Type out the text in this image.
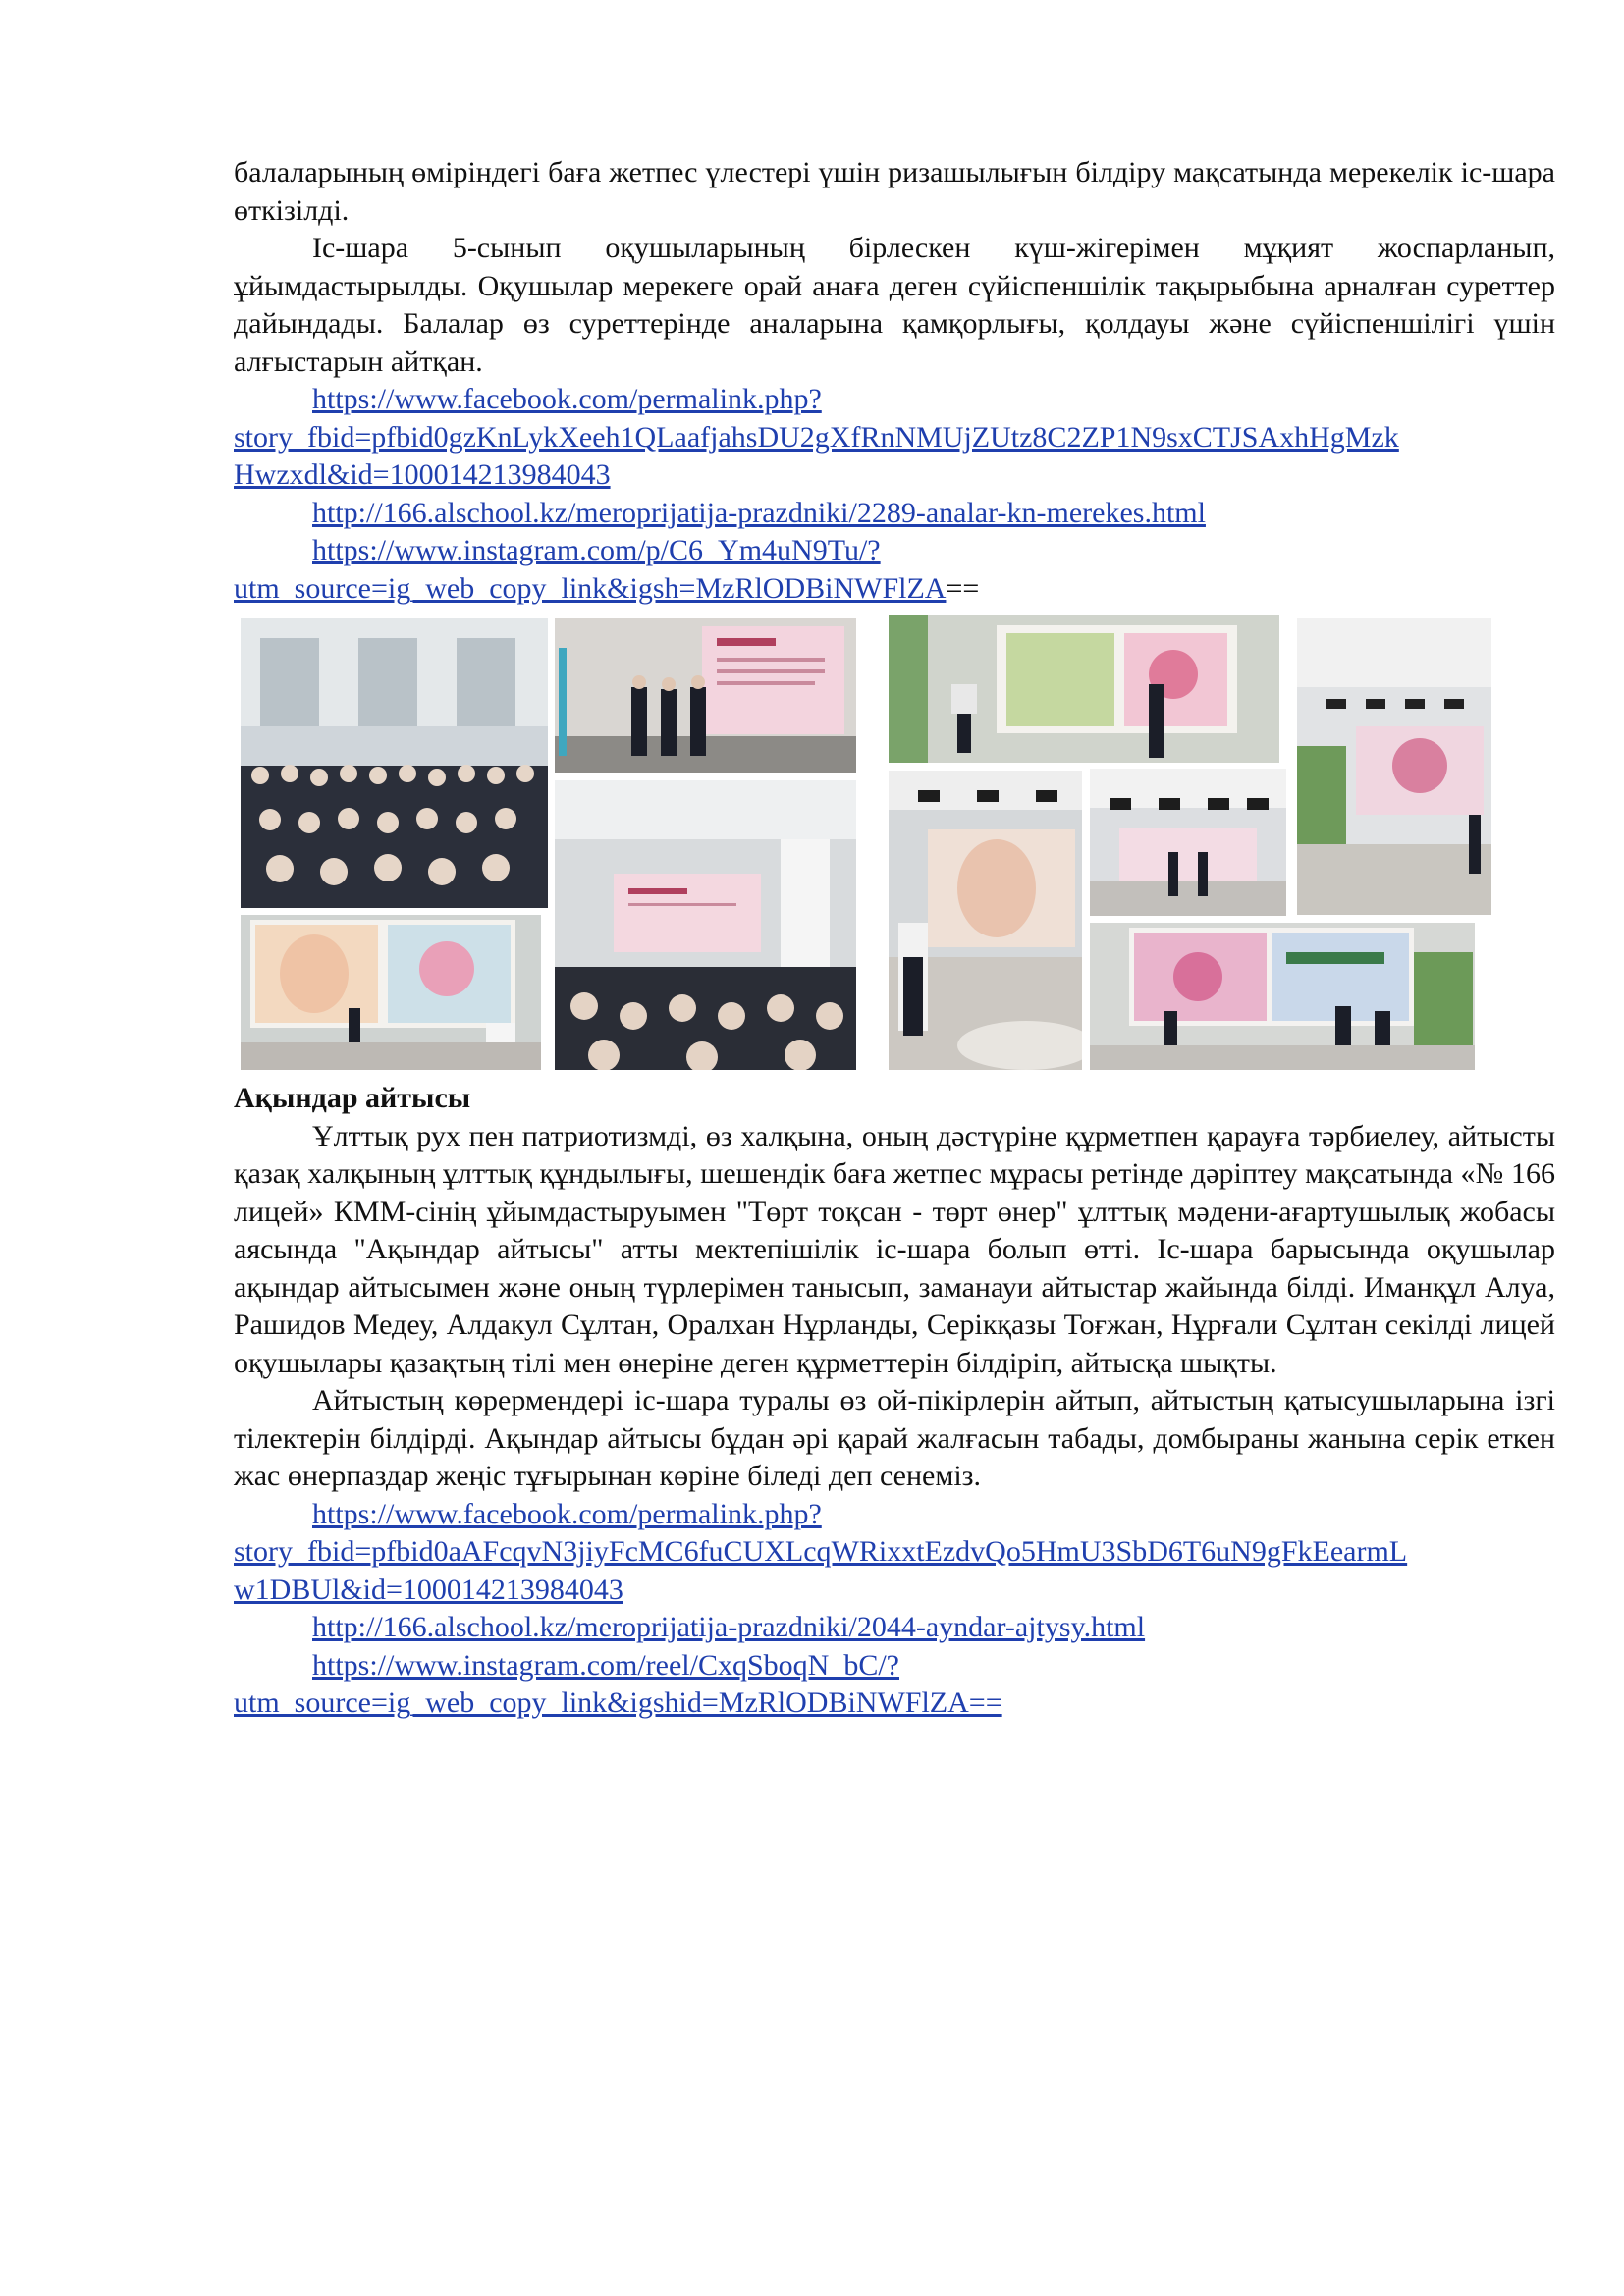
балаларының өміріндегі баға жетпес үлестері үшін ризашылығын білдіру мақсатында мерекелік іс-шара өткізілді.

Іс-шара 5-сынып оқушыларының бірлескен күш-жігерімен мұқият жоспарланып, ұйымдастырылды. Оқушылар мерекеге орай анаға деген сүйіспеншілік тақырыбына арналған суреттер дайындады. Балалар өз суреттерінде аналарына қамқорлығы, қолдауы және сүйіспеншілігі үшін алғыстарын айтқан.

https://www.facebook.com/permalink.php?

story_fbid=pfbid0gzKnLykXeeh1QLaafjahsDU2gXfRnNMUjZUtz8C2ZP1N9sxCTJSAxhHgMzk

Hwzxdl&id=100014213984043

http://166.alschool.kz/meroprijatija-prazdniki/2289-analar-kn-merekes.html

https://www.instagram.com/p/C6_Ym4uN9Tu/?

utm_source=ig_web_copy_link&igsh=MzRlODBiNWFlZA==

Ақындар айтысы

Ұлттық рух пен патриотизмді, өз халқына, оның дәстүріне құрметпен қарауға тәрбиелеу, айтысты қазақ халқының ұлттық құндылығы, шешендік баға жетпес мұрасы ретінде дәріптеу мақсатында «№ 166 лицей» КММ-сінің ұйымдастыруымен "Төрт тоқсан - төрт өнер" ұлттық мәдени-ағартушылық жобасы аясында "Ақындар айтысы" атты мектепішілік іс-шара болып өтті. Іс-шара барысында оқушылар ақындар айтысымен және оның түрлерімен танысып, заманауи айтыстар жайында білді. Иманқұл Алуа, Рашидов Медеу, Алдакул Сұлтан, Оралхан Нұрланды, Серікқазы Тоғжан, Нұрғали Сұлтан секілді лицей оқушылары қазақтың тілі мен өнеріне деген құрметтерін білдіріп, айтысқа шықты.

Айтыстың көрермендері іс-шара туралы өз ой-пікірлерін айтып, айтыстың қатысушыларына ізгі тілектерін білдірді. Ақындар айтысы бұдан әрі қарай жалғасын табады, домбыраны жанына серік еткен жас өнерпаздар жеңіс тұғырынан көріне біледі деп сенеміз.

https://www.facebook.com/permalink.php?

story_fbid=pfbid0aAFcqvN3jiyFcMC6fuCUXLcqWRixxtEzdvQo5HmU3SbD6T6uN9gFkEearmL

w1DBUl&id=100014213984043

http://166.alschool.kz/meroprijatija-prazdniki/2044-ayndar-ajtysy.html

https://www.instagram.com/reel/CxqSboqN_bC/?

utm_source=ig_web_copy_link&igshid=MzRlODBiNWFlZA==
